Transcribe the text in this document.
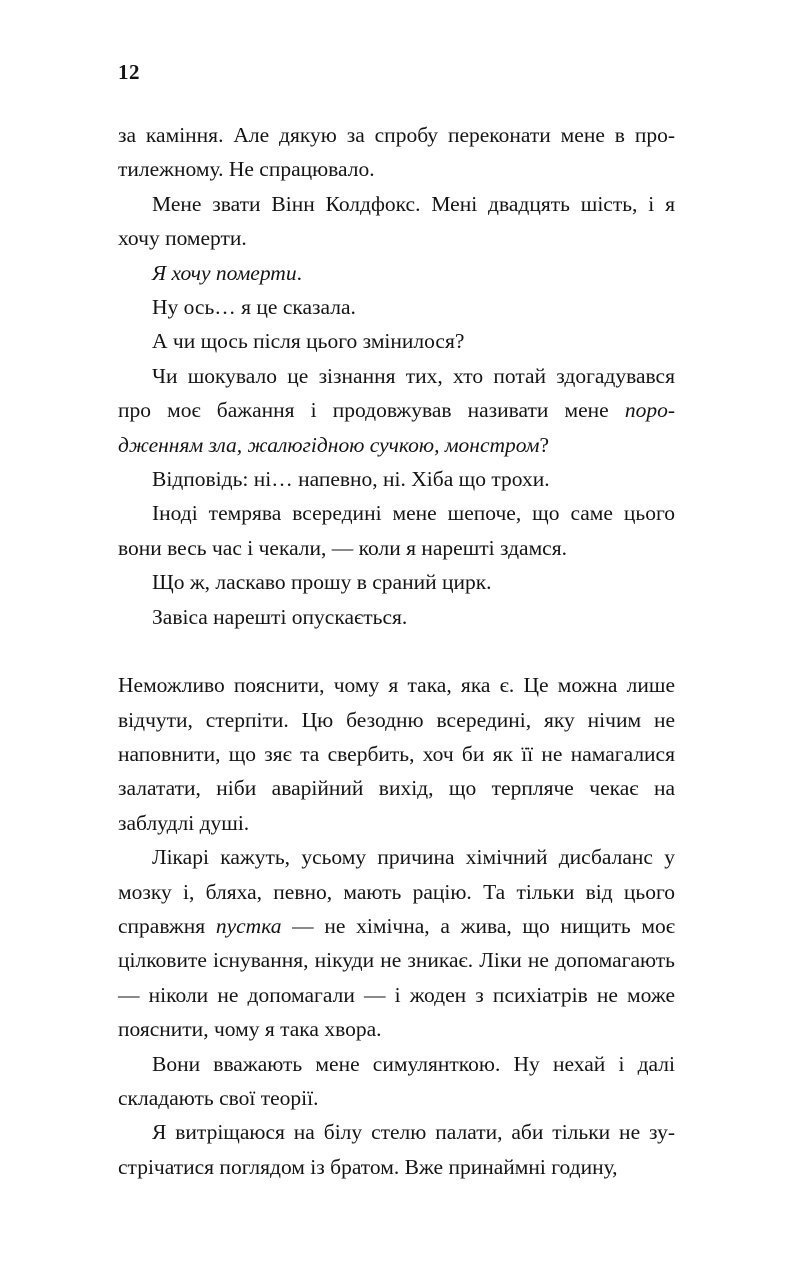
12

за каміння. Але дякую за спробу переконати мене в протилежному. Не спрацювало.

Мене звати Вінн Колдфокс. Мені двадцять шість, і я хочу померти.

Я хочу померти.

Ну ось… я це сказала.

А чи щось після цього змінилося?

Чи шокувало це зізнання тих, хто потай здогадувався про моє бажання і продовжував називати мене породженням зла, жалюгідною сучкою, монстром?

Відповідь: ні… напевно, ні. Хіба що трохи.

Іноді темрява всередині мене шепоче, що саме цього вони весь час і чекали, — коли я нарешті здамся.

Що ж, ласкаво прошу в сраний цирк.

Завіса нарешті опускається.

Неможливо пояснити, чому я така, яка є. Це можна лише відчути, стерпіти. Цю безодню всередині, яку нічим не наповнити, що зяє та свербить, хоч би як її не намагалися залатати, ніби аварійний вихід, що терпляче чекає на заблудлі душі.

Лікарі кажуть, усьому причина хімічний дисбаланс у мозку і, бляха, певно, мають рацію. Та тільки від цього справжня пустка — не хімічна, а жива, що нищить моє цілковите існування, нікуди не зникає. Ліки не допомагають — ніколи не допомагали — і жоден з психіатрів не може пояснити, чому я така хвора.

Вони вважають мене симулянткою. Ну нехай і далі складають свої теорії.

Я витріщаюся на білу стелю палати, аби тільки не зустрічатися поглядом із братом. Вже принаймні годину,
